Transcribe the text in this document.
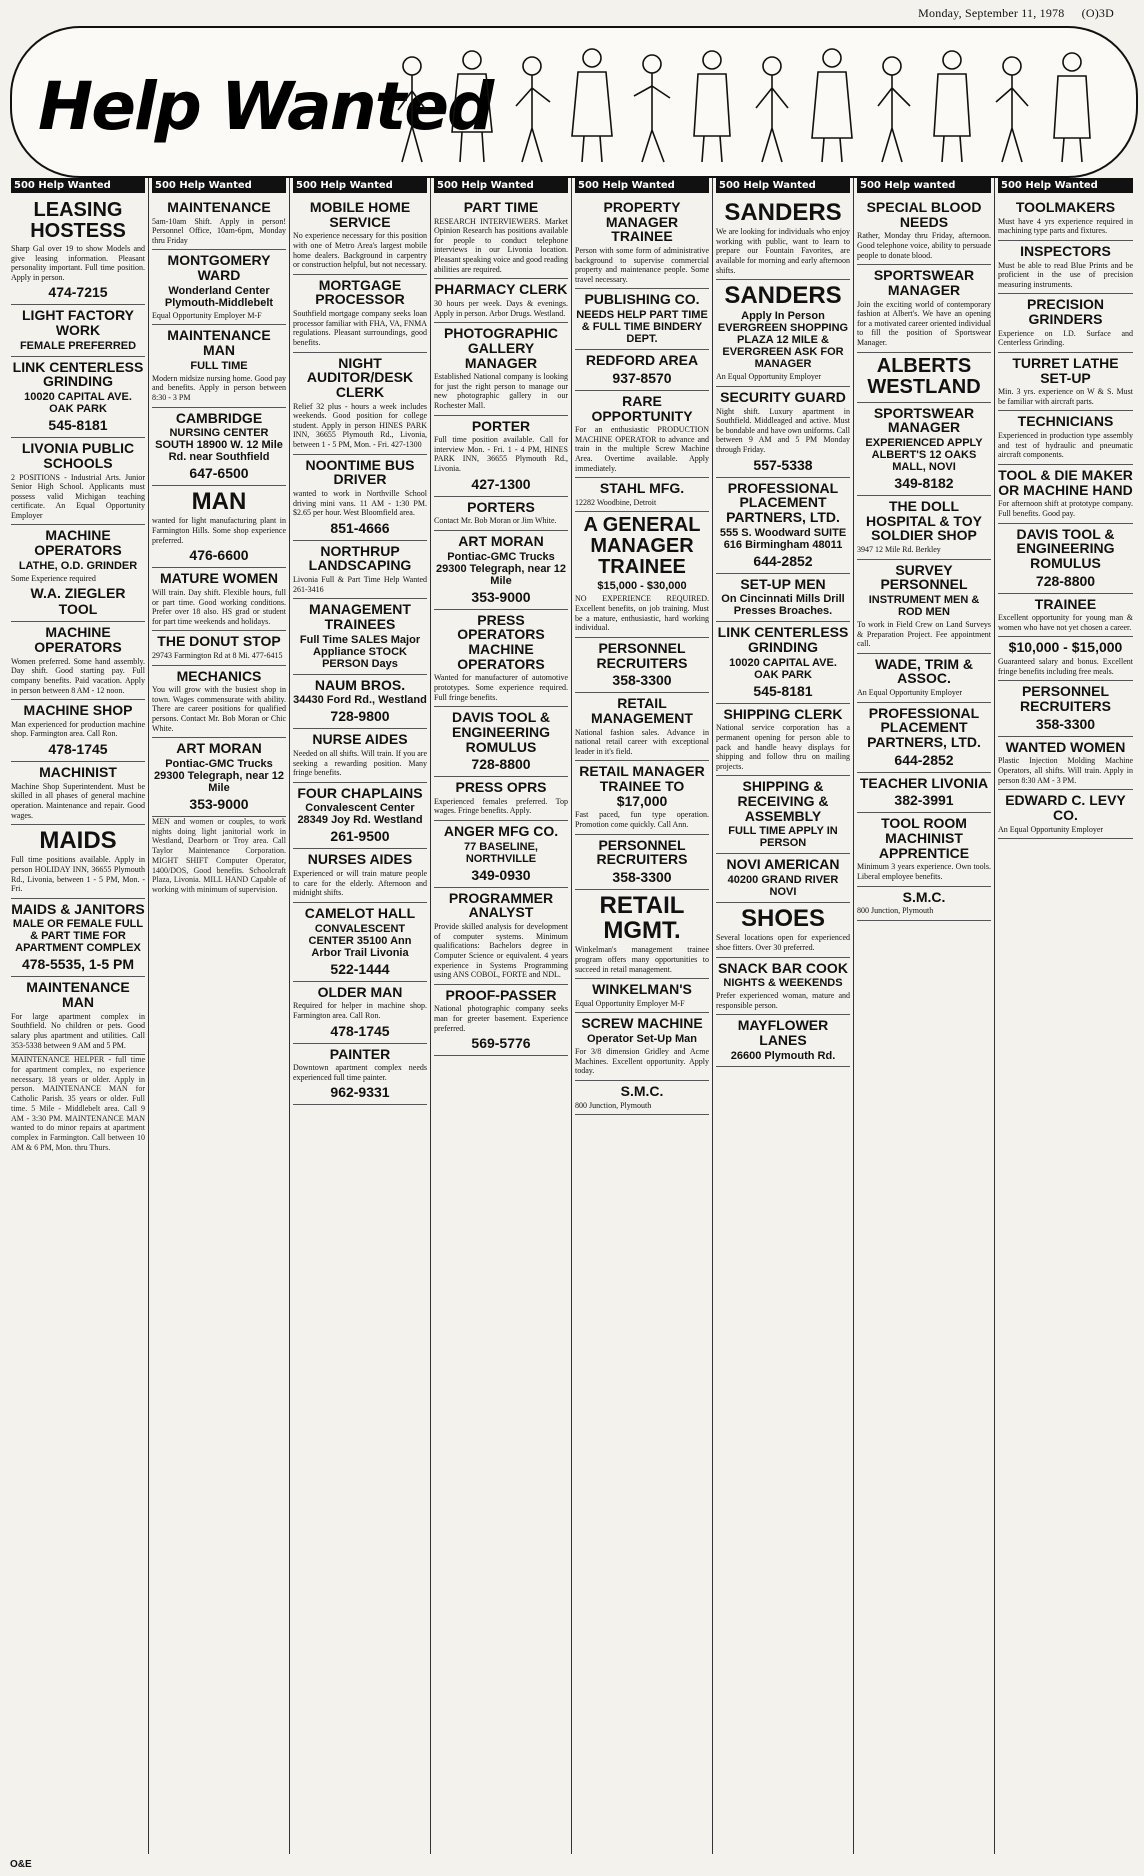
Monday, September 11, 1978 (O)3D
Help Wanted
500 Help Wanted
LEASING HOSTESS
Sharp Gal over 19 to show Models and give leasing information. Pleasant personality important. Full time position. Apply in person.
474-7215
LIGHT FACTORY WORK
FEMALE PREFERRED
LINK CENTERLESS GRINDING
10020 CAPITAL AVE. OAK PARK
545-8181
LIVONIA PUBLIC SCHOOLS
2 POSITIONS - Industrial Arts. Junior Senior High School. Applicants must possess valid Michigan teaching certificate. An Equal Opportunity Employer
MACHINE OPERATORS
LATHE, O.D. GRINDER
Some Experience required
W.A. ZIEGLER TOOL
MACHINE OPERATORS
Women preferred. Some hand assembly. Day shift. Good starting pay. Full company benefits. Paid vacation. Apply in person between 8 AM - 12 noon.
MACHINE SHOP
Man experienced for production machine shop. Farmington area. Call Ron.
478-1745
MACHINIST
Machine Shop Superintendent. Must be skilled in all phases of general machine operation. Maintenance and repair. Good wages.
MAIDS
Full time positions available. Apply in person HOLIDAY INN, 36655 Plymouth Rd., Livonia, between 1 - 5 PM, Mon. - Fri.
MAIDS & JANITORS
MALE OR FEMALE FULL & PART TIME FOR APARTMENT COMPLEX
478-5535, 1-5 PM
MAINTENANCE MAN
For large apartment complex in Southfield. No children or pets. Good salary plus apartment and utilities. Call 353-5338 between 9 AM and 5 PM.
MAINTENANCE HELPER - full time for apartment complex, no experience necessary. 18 years or older. Apply in person. MAINTENANCE MAN for Catholic Parish. 35 years or older. Full time. 5 Mile - Middlebelt area. Call 9 AM - 3:30 PM. MAINTENANCE MAN wanted to do minor repairs at apartment complex in Farmington. Call between 10 AM & 6 PM, Mon. thru Thurs.
500 Help Wanted
MAINTENANCE
5am-10am Shift. Apply in person! Personnel Office, 10am-6pm, Monday thru Friday
MONTGOMERY WARD
Wonderland Center Plymouth-Middlebelt
Equal Opportunity Employer M-F
MAINTENANCE MAN
FULL TIME
Modern midsize nursing home. Good pay and benefits. Apply in person between 8:30 - 3 PM
CAMBRIDGE
NURSING CENTER SOUTH 18900 W. 12 Mile Rd. near Southfield
647-6500
MAN
wanted for light manufacturing plant in Farmington Hills. Some shop experience preferred.
476-6600
MATURE WOMEN
Will train. Day shift. Flexible hours, full or part time. Good working conditions. Prefer over 18 also. HS grad or student for part time weekends and holidays.
THE DONUT STOP
29743 Farmington Rd at 8 Mi. 477-6415
MECHANICS
You will grow with the busiest shop in town. Wages commensurate with ability. There are career positions for qualified persons. Contact Mr. Bob Moran or Chic White.
ART MORAN
Pontiac-GMC Trucks 29300 Telegraph, near 12 Mile
353-9000
MEN and women or couples, to work nights doing light janitorial work in Westland, Dearborn or Troy area. Call Taylor Maintenance Corporation. MIGHT SHIFT Computer Operator, 1400/DOS, Good benefits. Schoolcraft Plaza, Livonia. MILL HAND Capable of working with minimum of supervision.
500 Help Wanted
MOBILE HOME SERVICE
No experience necessary for this position with one of Metro Area's largest mobile home dealers. Background in carpentry or construction helpful, but not necessary.
MORTGAGE PROCESSOR
Southfield mortgage company seeks loan processor familiar with FHA, VA, FNMA regulations. Pleasant surroundings, good benefits.
NIGHT AUDITOR/DESK CLERK
Relief 32 plus - hours a week includes weekends. Good position for college student. Apply in person HINES PARK INN, 36655 Plymouth Rd., Livonia, between 1 - 5 PM, Mon. - Fri. 427-1300
NOONTIME BUS DRIVER
wanted to work in Northville School driving mini vans. 11 AM - 1:30 PM. $2.65 per hour. West Bloomfield area.
851-4666
NORTHRUP LANDSCAPING
Livonia Full & Part Time Help Wanted 261-3416
MANAGEMENT TRAINEES
Full Time SALES Major Appliance STOCK PERSON Days
NAUM BROS.
34430 Ford Rd., Westland
728-9800
NURSE AIDES
Needed on all shifts. Will train. If you are seeking a rewarding position. Many fringe benefits.
FOUR CHAPLAINS
Convalescent Center 28349 Joy Rd. Westland
261-9500
NURSES AIDES
Experienced or will train mature people to care for the elderly. Afternoon and midnight shifts.
CAMELOT HALL
CONVALESCENT CENTER 35100 Ann Arbor Trail Livonia
522-1444
OLDER MAN
Required for helper in machine shop. Farmington area. Call Ron.
478-1745
PAINTER
Downtown apartment complex needs experienced full time painter.
962-9331
500 Help Wanted
PART TIME
RESEARCH INTERVIEWERS. Market Opinion Research has positions available for people to conduct telephone interviews in our Livonia location. Pleasant speaking voice and good reading abilities are required.
PHARMACY CLERK
30 hours per week. Days & evenings. Apply in person. Arbor Drugs. Westland.
PHOTOGRAPHIC GALLERY MANAGER
Established National company is looking for just the right person to manage our new photographic gallery in our Rochester Mall.
PORTER
Full time position available. Call for interview Mon. - Fri. 1 - 4 PM, HINES PARK INN, 36655 Plymouth Rd., Livonia.
427-1300
PORTERS
Contact Mr. Bob Moran or Jim White.
ART MORAN
Pontiac-GMC Trucks 29300 Telegraph, near 12 Mile
353-9000
PRESS OPERATORS MACHINE OPERATORS
Wanted for manufacturer of automotive prototypes. Some experience required. Full fringe benefits.
DAVIS TOOL & ENGINEERING ROMULUS
728-8800
PRESS OPRS
Experienced females preferred. Top wages. Fringe benefits. Apply.
ANGER MFG CO.
77 BASELINE, NORTHVILLE
349-0930
PROGRAMMER ANALYST
Provide skilled analysis for development of computer systems. Minimum qualifications: Bachelors degree in Computer Science or equivalent. 4 years experience in Systems Programming using ANS COBOL, FORTE and NDL.
PROOF-PASSER
National photographic company seeks man for greeter basement. Experience preferred.
569-5776
500 Help Wanted
PROPERTY MANAGER TRAINEE
Person with some form of administrative background to supervise commercial property and maintenance people. Some travel necessary.
PUBLISHING CO.
NEEDS HELP PART TIME & FULL TIME BINDERY DEPT.
REDFORD AREA
937-8570
RARE OPPORTUNITY
For an enthusiastic PRODUCTION MACHINE OPERATOR to advance and train in the multiple Screw Machine Area. Overtime available. Apply immediately.
STAHL MFG.
12282 Woodbine, Detroit
A GENERAL MANAGER TRAINEE
$15,000 - $30,000
NO EXPERIENCE REQUIRED. Excellent benefits, on job training. Must be a mature, enthusiastic, hard working individual.
PERSONNEL RECRUITERS
358-3300
RETAIL MANAGEMENT
National fashion sales. Advance in national retail career with exceptional leader in it's field.
RETAIL MANAGER TRAINEE TO $17,000
Fast paced, fun type operation. Promotion come quickly. Call Ann.
PERSONNEL RECRUITERS
358-3300
RETAIL MGMT.
Winkelman's management trainee program offers many opportunities to succeed in retail management.
WINKELMAN'S
Equal Opportunity Employer M-F
SCREW MACHINE
Operator Set-Up Man
For 3/8 dimension Gridley and Acme Machines. Excellent opportunity. Apply today.
S.M.C.
800 Junction, Plymouth
500 Help Wanted
SANDERS
We are looking for individuals who enjoy working with public, want to learn to prepare our Fountain Favorites, are available for morning and early afternoon shifts.
SANDERS
Apply In Person EVERGREEN SHOPPING PLAZA 12 MILE & EVERGREEN ASK FOR MANAGER
An Equal Opportunity Employer
SECURITY GUARD
Night shift. Luxury apartment in Southfield. Middleaged and active. Must be bondable and have own uniforms. Call between 9 AM and 5 PM Monday through Friday.
557-5338
PROFESSIONAL PLACEMENT PARTNERS, LTD.
555 S. Woodward SUITE 616 Birmingham 48011
644-2852
SET-UP MEN
On Cincinnati Mills Drill Presses Broaches.
LINK CENTERLESS GRINDING
10020 CAPITAL AVE. OAK PARK
545-8181
SHIPPING CLERK
National service corporation has a permanent opening for person able to pack and handle heavy displays for shipping and follow thru on mailing projects.
SHIPPING & RECEIVING & ASSEMBLY
FULL TIME APPLY IN PERSON
NOVI AMERICAN
40200 GRAND RIVER NOVI
SHOES
Several locations open for experienced shoe fitters. Over 30 preferred.
SNACK BAR COOK
NIGHTS & WEEKENDS
Prefer experienced woman, mature and responsible person.
MAYFLOWER LANES
26600 Plymouth Rd.
500 Help wanted
SPECIAL BLOOD NEEDS
Rather, Monday thru Friday, afternoon. Good telephone voice, ability to persuade people to donate blood.
SPORTSWEAR MANAGER
Join the exciting world of contemporary fashion at Albert's. We have an opening for a motivated career oriented individual to fill the position of Sportswear Manager.
ALBERTS WESTLAND
SPORTSWEAR MANAGER
EXPERIENCED APPLY ALBERT'S 12 OAKS MALL, NOVI
349-8182
THE DOLL HOSPITAL & TOY SOLDIER SHOP
3947 12 Mile Rd. Berkley
SURVEY PERSONNEL
INSTRUMENT MEN & ROD MEN
To work in Field Crew on Land Surveys & Preparation Project. Fee appointment call.
WADE, TRIM & ASSOC.
An Equal Opportunity Employer
PROFESSIONAL PLACEMENT PARTNERS, LTD.
644-2852
TEACHER LIVONIA
382-3991
TOOL ROOM MACHINIST APPRENTICE
Minimum 3 years experience. Own tools. Liberal employee benefits.
S.M.C.
800 Junction, Plymouth
500 Help Wanted
TOOLMAKERS
Must have 4 yrs experience required in machining type parts and fixtures.
INSPECTORS
Must be able to read Blue Prints and be proficient in the use of precision measuring instruments.
PRECISION GRINDERS
Experience on I.D. Surface and Centerless Grinding.
TURRET LATHE SET-UP
Min. 3 yrs. experience on W & S. Must be familiar with aircraft parts.
TECHNICIANS
Experienced in production type assembly and test of hydraulic and pneumatic aircraft components.
TOOL & DIE MAKER OR MACHINE HAND
For afternoon shift at prototype company. Full benefits. Good pay.
DAVIS TOOL & ENGINEERING ROMULUS
728-8800
TRAINEE
Excellent opportunity for young man & women who have not yet chosen a career.
$10,000 - $15,000
Guaranteed salary and bonus. Excellent fringe benefits including free meals.
PERSONNEL RECRUITERS
358-3300
WANTED WOMEN
Plastic Injection Molding Machine Operators, all shifts. Will train. Apply in person 8:30 AM - 3 PM.
EDWARD C. LEVY CO.
An Equal Opportunity Employer
O&E
